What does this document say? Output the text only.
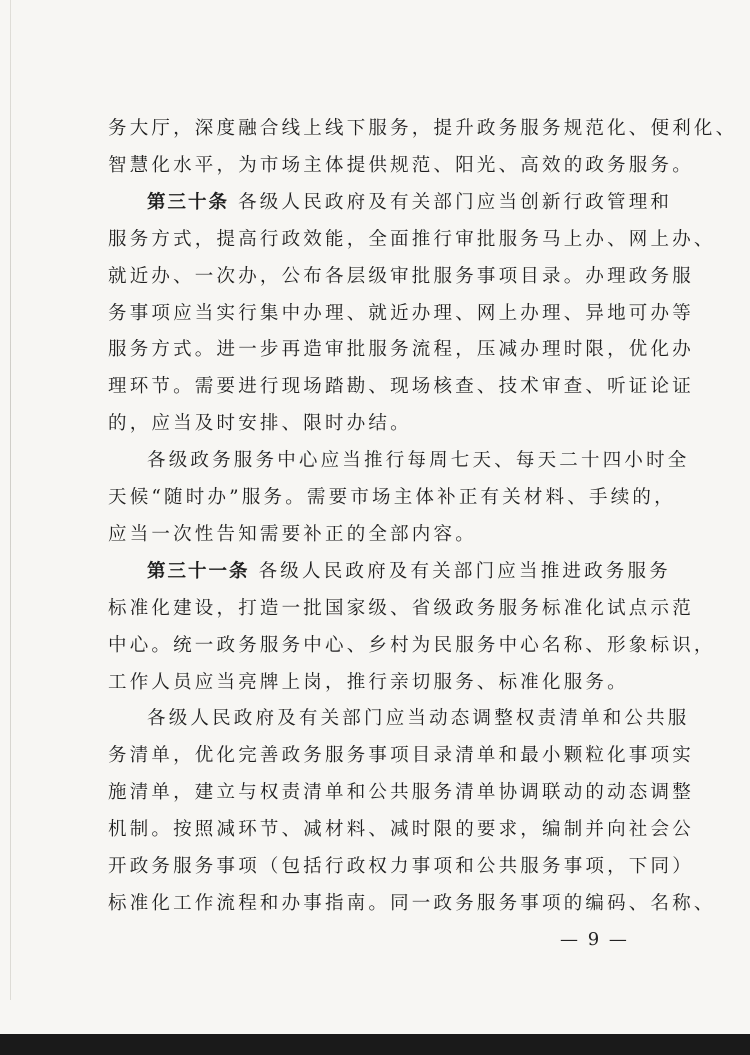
务大厅，深度融合线上线下服务，提升政务服务规范化、便利化、
智慧化水平，为市场主体提供规范、阳光、高效的政务服务。
第三十条 各级人民政府及有关部门应当创新行政管理和
服务方式，提高行政效能，全面推行审批服务马上办、网上办、
就近办、一次办，公布各层级审批服务事项目录。办理政务服
务事项应当实行集中办理、就近办理、网上办理、异地可办等
服务方式。进一步再造审批服务流程，压减办理时限，优化办
理环节。需要进行现场踏勘、现场核查、技术审查、听证论证
的，应当及时安排、限时办结。
各级政务服务中心应当推行每周七天、每天二十四小时全
天候“随时办”服务。需要市场主体补正有关材料、手续的，
应当一次性告知需要补正的全部内容。
第三十一条 各级人民政府及有关部门应当推进政务服务
标准化建设，打造一批国家级、省级政务服务标准化试点示范
中心。统一政务服务中心、乡村为民服务中心名称、形象标识，
工作人员应当亮牌上岗，推行亲切服务、标准化服务。
各级人民政府及有关部门应当动态调整权责清单和公共服
务清单，优化完善政务服务事项目录清单和最小颗粒化事项实
施清单，建立与权责清单和公共服务清单协调联动的动态调整
机制。按照减环节、减材料、减时限的要求，编制并向社会公
开政务服务事项（包括行政权力事项和公共服务事项，下同）
标准化工作流程和办事指南。同一政务服务事项的编码、名称、
— 9 —
